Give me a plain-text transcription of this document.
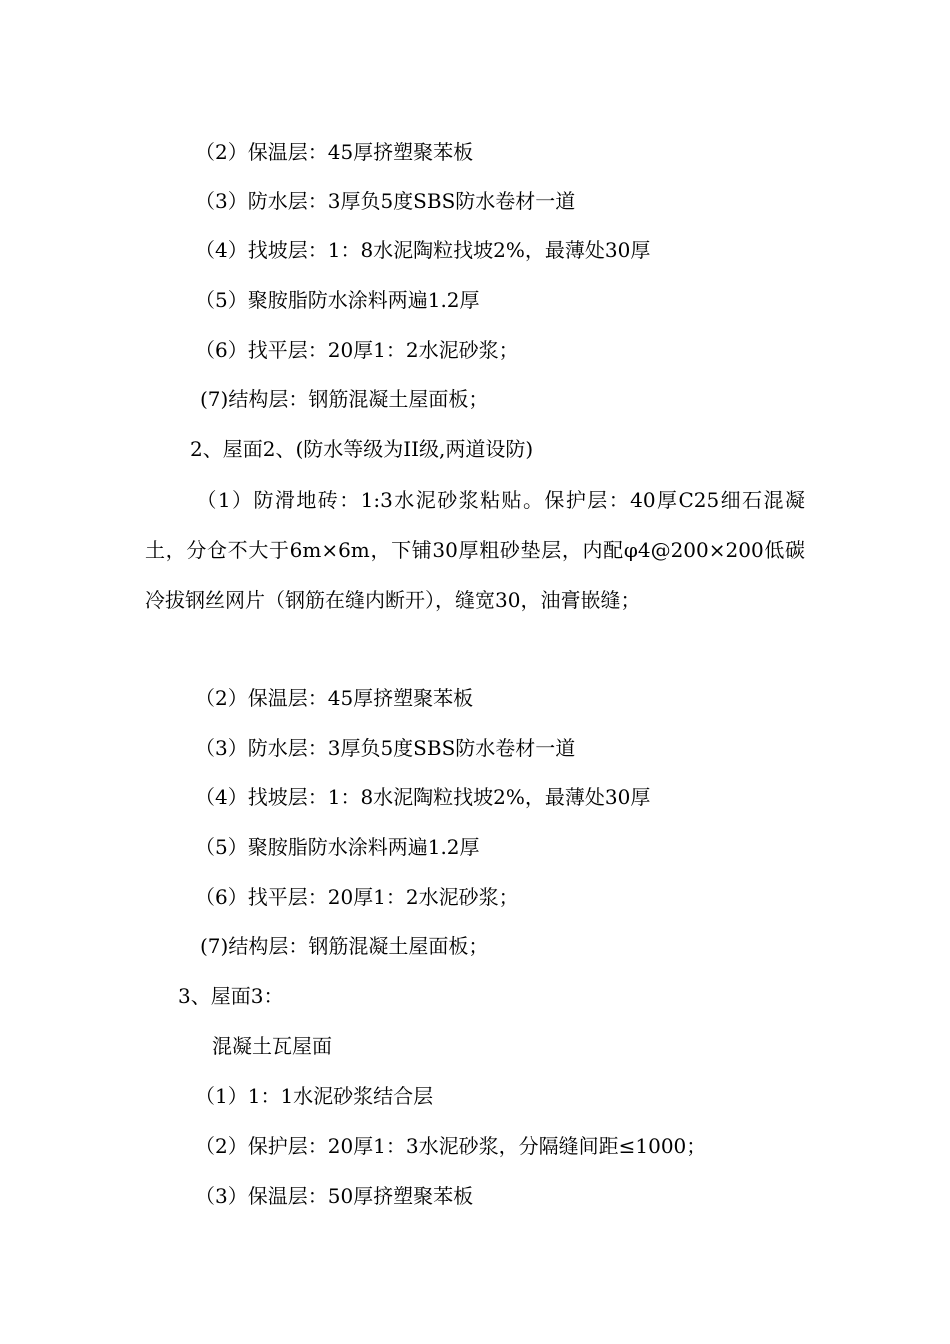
（2）保温层：45厚挤塑聚苯板
（3）防水层：3厚负5度SBS防水卷材一道
（4）找坡层：1：8水泥陶粒找坡2%，最薄处30厚
（5）聚胺脂防水涂料两遍1.2厚
（6）找平层：20厚1：2水泥砂浆；
(7)结构层：钢筋混凝土屋面板；
2、屋面2、(防水等级为II级,两道设防)
（1）防滑地砖：1:3水泥砂浆粘贴。保护层：40厚C25细石混凝土，分仓不大于6m×6m，下铺30厚粗砂垫层，内配φ4@200×200低碳冷拔钢丝网片（钢筋在缝内断开），缝宽30，油膏嵌缝；
（2）保温层：45厚挤塑聚苯板
（3）防水层：3厚负5度SBS防水卷材一道
（4）找坡层：1：8水泥陶粒找坡2%，最薄处30厚
（5）聚胺脂防水涂料两遍1.2厚
（6）找平层：20厚1：2水泥砂浆；
(7)结构层：钢筋混凝土屋面板；
3、屋面3：
混凝土瓦屋面
（1）1：1水泥砂浆结合层
（2）保护层：20厚1：3水泥砂浆，分隔缝间距≤1000；
（3）保温层：50厚挤塑聚苯板
